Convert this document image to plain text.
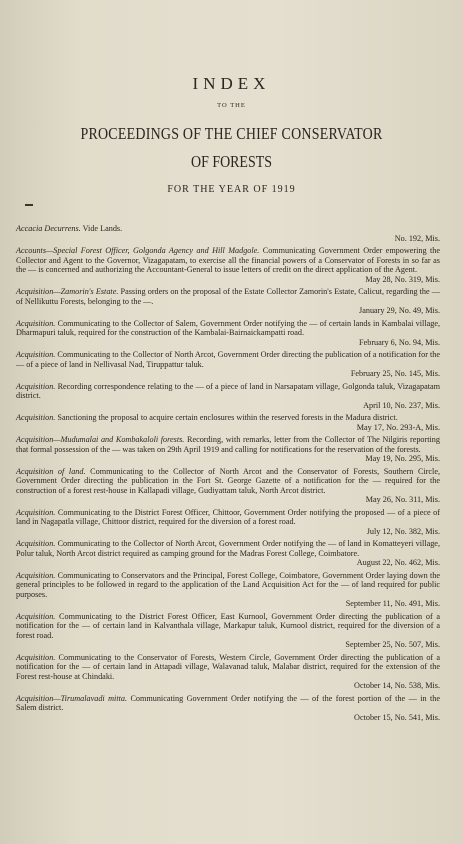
INDEX
TO THE
PROCEEDINGS OF THE CHIEF CONSERVATOR
OF FORESTS
FOR THE YEAR OF 1919
Accacia Decurrens. Vide Lands.
No. 192, Mis.
Accounts—Special Forest Officer, Golgonda Agency and Hill Madgole. Communicating Government Order empowering the Collector and Agent to the Governor, Vizagapatam, to exercise all the financial powers of a Conservator of Forests in so far as the — is concerned and authorizing the Accountant-General to issue letters of credit on the direct application of the Agent.
May 28, No. 319, Mis.
Acquisition—Zamorin's Estate. Passing orders on the proposal of the Estate Collector Zamorin's Estate, Calicut, regarding the — of Nellikuttu Forests, belonging to the —.
January 29, No. 49, Mis.
Acquisition. Communicating to the Collector of Salem, Government Order notifying the — of certain lands in Kambalai village, Dharmapuri taluk, required for the construction of the Kambalai-Bairnaickampatti road.
February 6, No. 94, Mis.
Acquisition. Communicating to the Collector of North Arcot, Government Order directing the publication of a notification for the — of a piece of land in Nellivasal Nad, Tiruppattur taluk.
February 25, No. 145, Mis.
Acquisition. Recording correspondence relating to the — of a piece of land in Narsapatam village, Golgonda taluk, Vizagapatam district.
April 10, No. 237, Mis.
Acquisition. Sanctioning the proposal to acquire certain enclosures within the reserved forests in the Madura district.
May 17, No. 293-A, Mis.
Acquisition—Mudumalai and Kombakaloli forests. Recording, with remarks, letter from the Collector of The Nilgiris reporting that formal possession of the — was taken on 29th April 1919 and calling for notifications for the reservation of the forests.
May 19, No. 295, Mis.
Acquisition of land. Communicating to the Collector of North Arcot and the Conservator of Forests, Southern Circle, Government Order directing the publication in the Fort St. George Gazette of a notification for the — required for the construction of a forest rest-house in Kallapadi village, Gudiyattam taluk, North Arcot district.
May 26, No. 311, Mis.
Acquisition. Communicating to the District Forest Officer, Chittoor, Government Order notifying the proposed — of a piece of land in Nagapatla village, Chittoor district, required for the diversion of a forest road.
July 12, No. 382, Mis.
Acquisition. Communicating to the Collector of North Arcot, Government Order notifying the — of land in Komatteyeri village, Polur taluk, North Arcot district required as camping ground for the Madras Forest College, Coimbatore.
August 22, No. 462, Mis.
Acquisition. Communicating to Conservators and the Principal, Forest College, Coimbatore, Government Order laying down the general principles to be followed in regard to the application of the Land Acquisition Act for the — of land required for public purposes.
September 11, No. 491, Mis.
Acquisition. Communicating to the District Forest Officer, East Kurnool, Government Order directing the publication of a notification for the — of certain land in Kalvanthala village, Markapur taluk, Kurnool district, required for the diversion of a forest road.
September 25, No. 507, Mis.
Acquisition. Communicating to the Conservator of Forests, Western Circle, Government Order directing the publication of a notification for the — of certain land in Attapadi village, Walavanad taluk, Malabar district, required for the extension of the Forest rest-house at Chindaki.
October 14, No. 538, Mis.
Acquisition—Tirumalavadi mitta. Communicating Government Order notifying the — of the forest portion of the — in the Salem district.
October 15, No. 541, Mis.
